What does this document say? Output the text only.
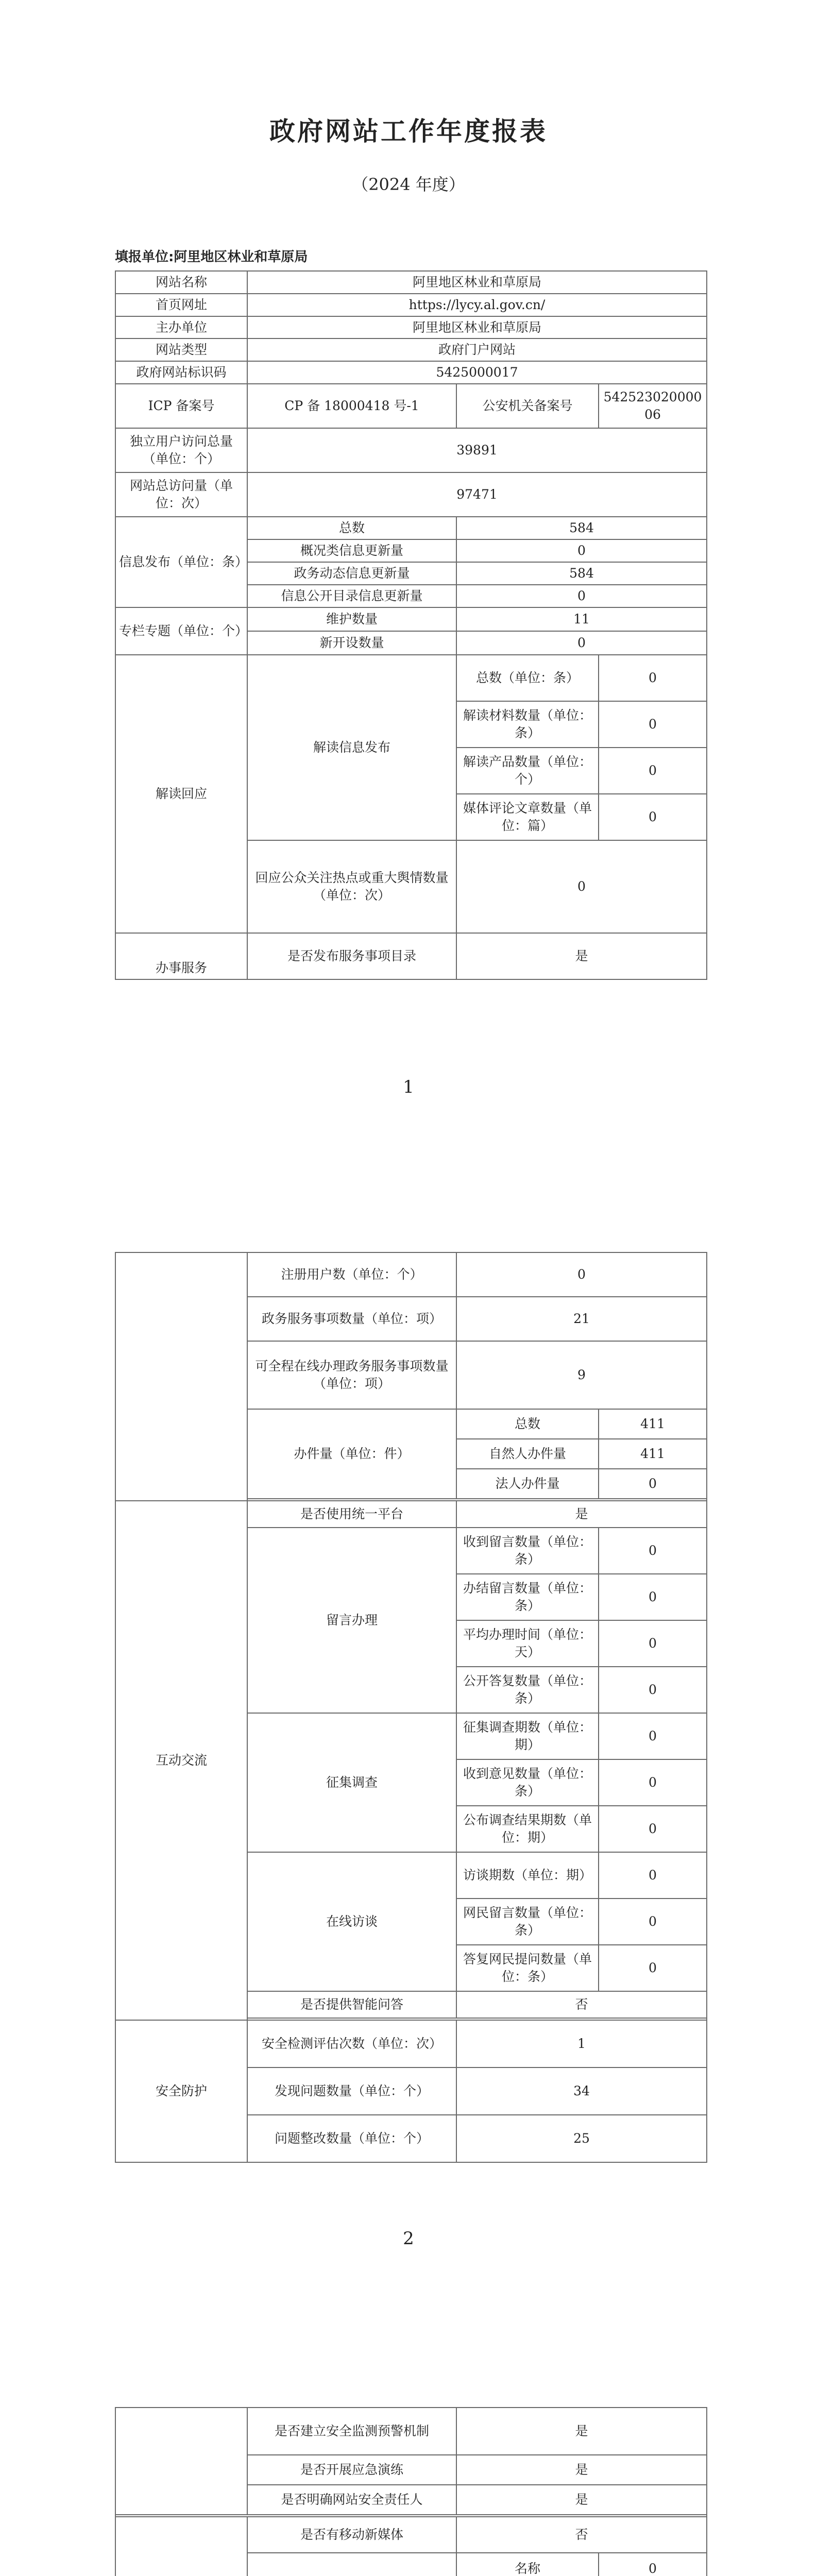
政府网站工作年度报表
（2024 年度）
填报单位:阿里地区林业和草原局
网站名称	阿里地区林业和草原局		
首页网址	https://lycy.al.gov.cn/		
主办单位	阿里地区林业和草原局		
网站类型	政府门户网站		
政府网站标识码	5425000017		
ICP 备案号	CP 备 18000418 号-1	公安机关备案号	54252302000006
独立用户访问总量（单位：个）	39891		
网站总访问量（单位：次）	97471		
信息发布（单位：条）	总数	584	
	概况类信息更新量	0	
	政务动态信息更新量	584	
	信息公开目录信息更新量	0	
专栏专题（单位：个）	维护数量	11	
	新开设数量	0	
解读回应	解读信息发布	总数（单位：条）	0
		解读材料数量（单位：条）	0
		解读产品数量（单位：个）	0
		媒体评论文章数量（单位：篇）	0
	回应公众关注热点或重大舆情数量（单位：次）	0	
办事服务	是否发布服务事项目录	是	
1
	注册用户数（单位：个）	0	
	政务服务事项数量（单位：项）	21	
	可全程在线办理政务服务事项数量（单位：项）	9	
	办件量（单位：件）	总数	411
		自然人办件量	411
		法人办件量	0

互动交流	是否使用统一平台	是	
	留言办理	收到留言数量（单位：条）	0
		办结留言数量（单位：条）	0
		平均办理时间（单位：天）	0
		公开答复数量（单位：条）	0
	征集调查	征集调查期数（单位：期）	0
		收到意见数量（单位：条）	0
		公布调查结果期数（单位：期）	0
	在线访谈	访谈期数（单位：期）	0
		网民留言数量（单位：条）	0
		答复网民提问数量（单位：条）	0
	是否提供智能问答	否	

安全防护	安全检测评估次数（单位：次）	1	
	发现问题数量（单位：个）	34	
	问题整改数量（单位：个）	25	
2
	是否建立安全监测预警机制	是	
	是否开展应急演练	是	
	是否明确网站安全责任人	是	

	是否有移动新媒体	否	
	名称	0
